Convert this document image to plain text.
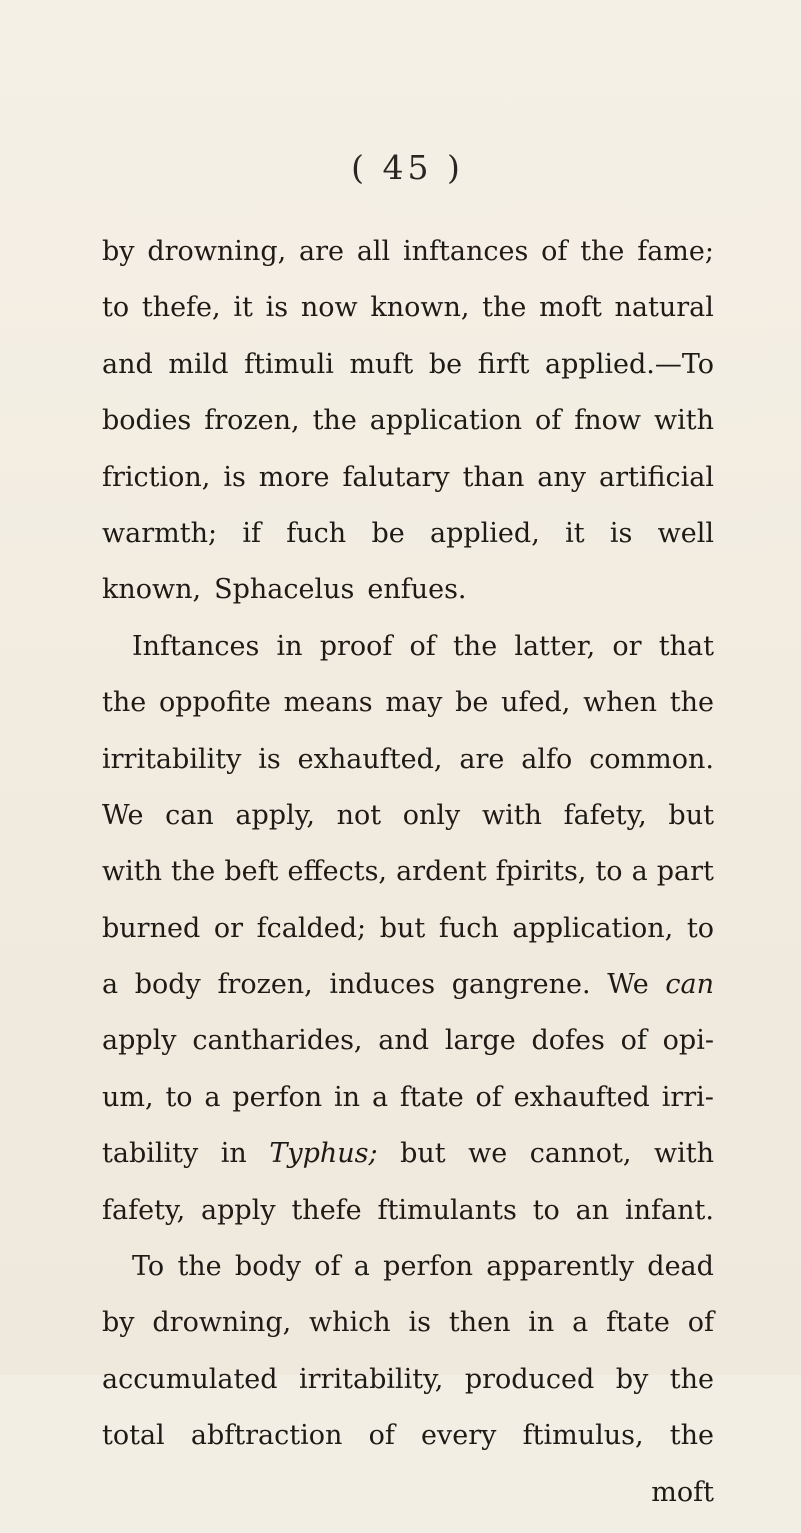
( 45 )
by drowning, are all inftances of the fame;
to thefe, it is now known, the moft natural
and mild ftimuli muft be firft applied.—To
bodies frozen, the application of fnow with
friction, is more falutary than any artificial
warmth; if fuch be applied, it is well
known, Sphacelus enfues.
Inftances in proof of the latter, or that
the oppofite means may be ufed, when the
irritability is exhaufted, are alfo common.
We can apply, not only with fafety, but
with the beft effects, ardent fpirits, to a part
burned or fcalded; but fuch application, to
a body frozen, induces gangrene. We can
apply cantharides, and large dofes of opi-
um, to a perfon in a ftate of exhaufted irri-
tability in Typhus; but we cannot, with
fafety, apply thefe ftimulants to an infant.
To the body of a perfon apparently dead
by drowning, which is then in a ftate of
accumulated irritability, produced by the
total abftraction of every ftimulus, the
moft
